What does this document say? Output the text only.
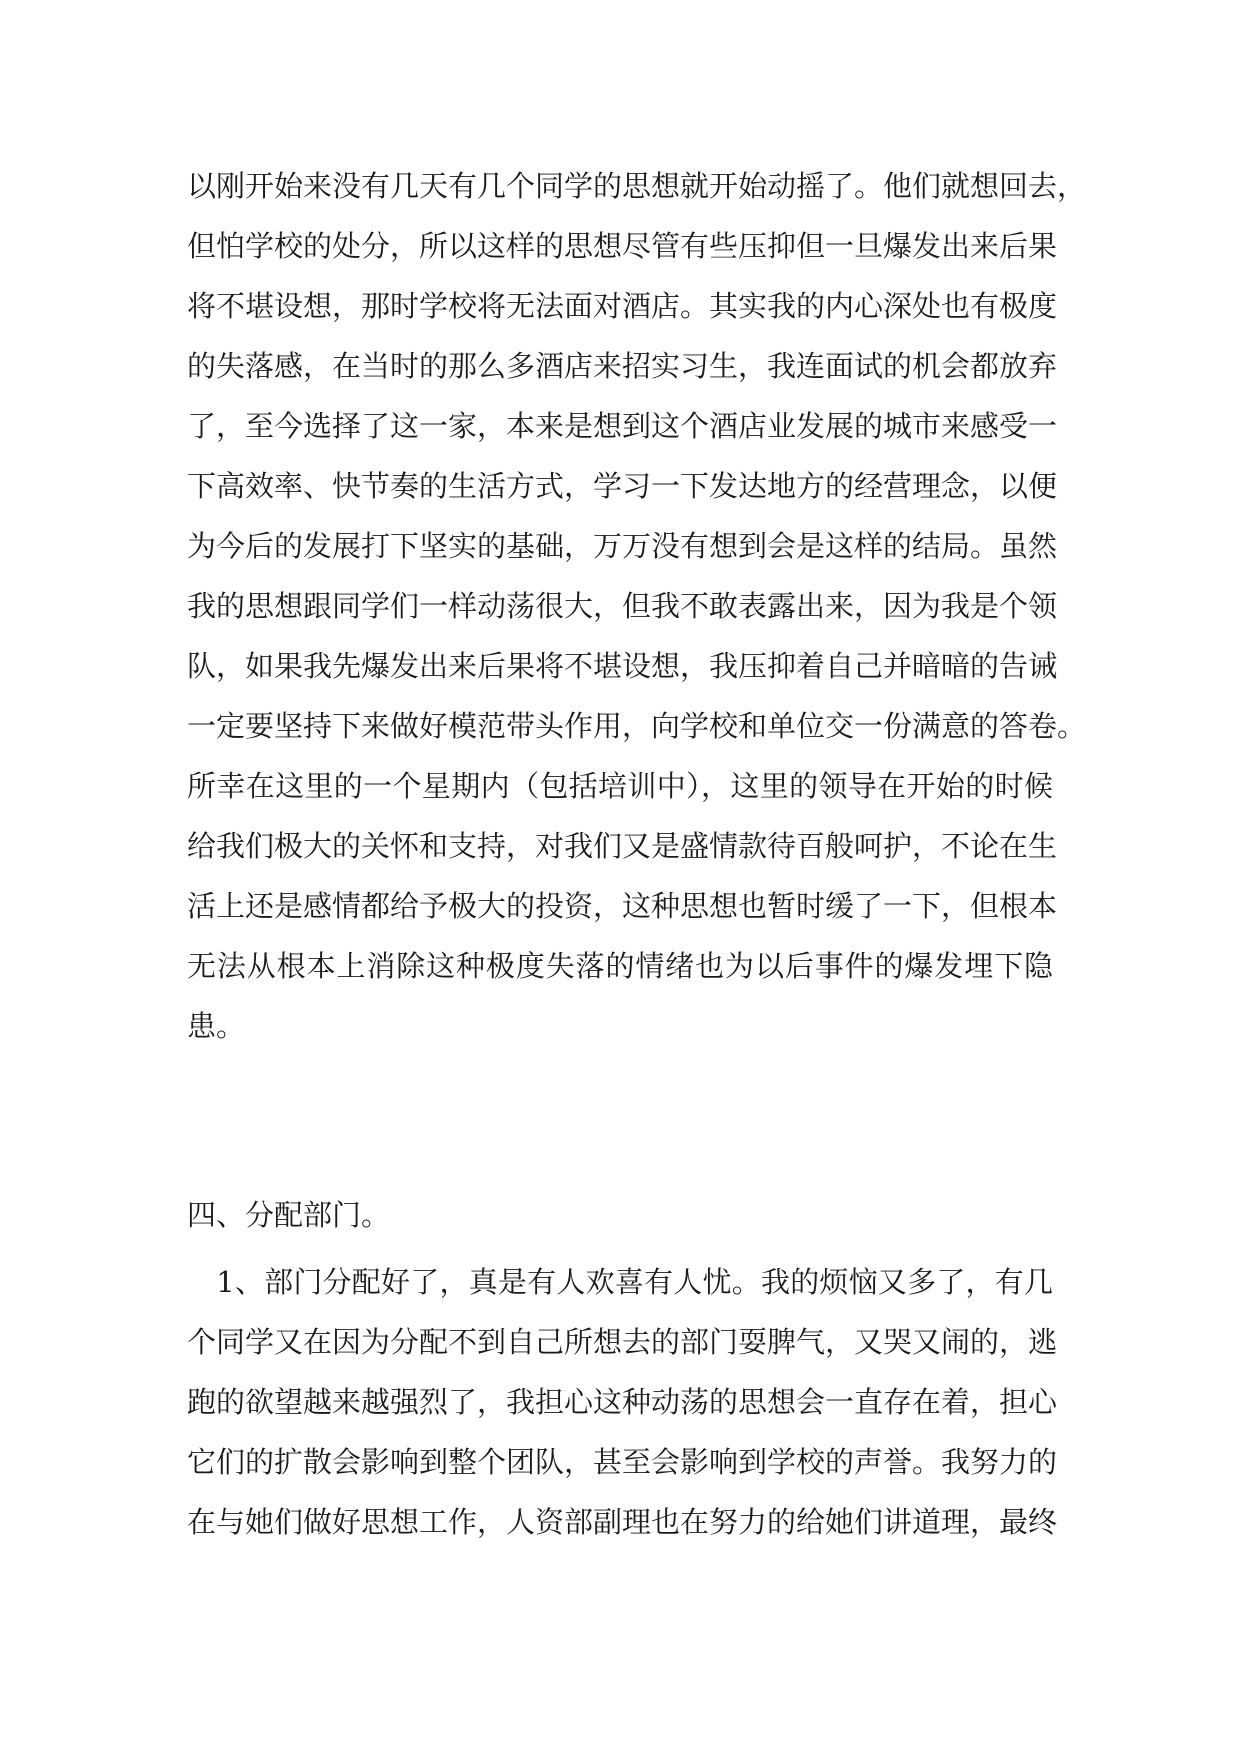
以刚开始来没有几天有几个同学的思想就开始动摇了。他们就想回去，
但怕学校的处分，所以这样的思想尽管有些压抑但一旦爆发出来后果
将不堪设想，那时学校将无法面对酒店。其实我的内心深处也有极度
的失落感，在当时的那么多酒店来招实习生，我连面试的机会都放弃
了，至今选择了这一家，本来是想到这个酒店业发展的城市来感受一
下高效率、快节奏的生活方式，学习一下发达地方的经营理念，以便
为今后的发展打下坚实的基础，万万没有想到会是这样的结局。虽然
我的思想跟同学们一样动荡很大，但我不敢表露出来，因为我是个领
队，如果我先爆发出来后果将不堪设想，我压抑着自己并暗暗的告诫
一定要坚持下来做好模范带头作用，向学校和单位交一份满意的答卷。
所幸在这里的一个星期内（包括培训中），这里的领导在开始的时候
给我们极大的关怀和支持，对我们又是盛情款待百般呵护，不论在生
活上还是感情都给予极大的投资，这种思想也暂时缓了一下，但根本
无法从根本上消除这种极度失落的情绪也为以后事件的爆发埋下隐
患。
四、分配部门。
　1、部门分配好了，真是有人欢喜有人忧。我的烦恼又多了，有几
个同学又在因为分配不到自己所想去的部门耍脾气，又哭又闹的，逃
跑的欲望越来越强烈了，我担心这种动荡的思想会一直存在着，担心
它们的扩散会影响到整个团队，甚至会影响到学校的声誉。我努力的
在与她们做好思想工作，人资部副理也在努力的给她们讲道理，最终
